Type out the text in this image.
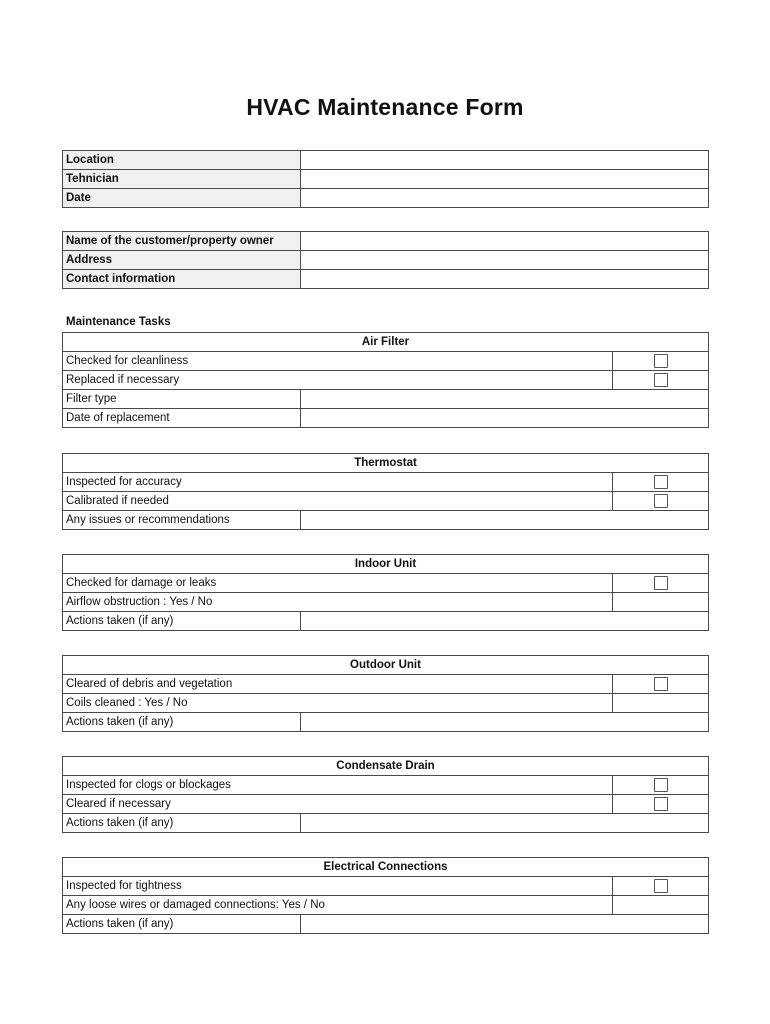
HVAC Maintenance Form
Location	
Tehnician	
Date	
Name of the customer/property owner	
Address	
Contact information	
Maintenance Tasks
Air Filter		
Checked for cleanliness		
Replaced if necessary		
Filter type		
Date of replacement		
Thermostat		
Inspected for accuracy		
Calibrated if needed		
Any issues or recommendations		
Indoor Unit		
Checked for damage or leaks		
Airflow obstruction : Yes / No		
Actions taken (if any)		
Outdoor Unit		
Cleared of debris and vegetation		
Coils cleaned : Yes / No		
Actions taken (if any)		
Condensate Drain		
Inspected for clogs or blockages		
Cleared if necessary		
Actions taken (if any)		
Electrical Connections		
Inspected for tightness		
Any loose wires or damaged connections: Yes / No		
Actions taken (if any)		
